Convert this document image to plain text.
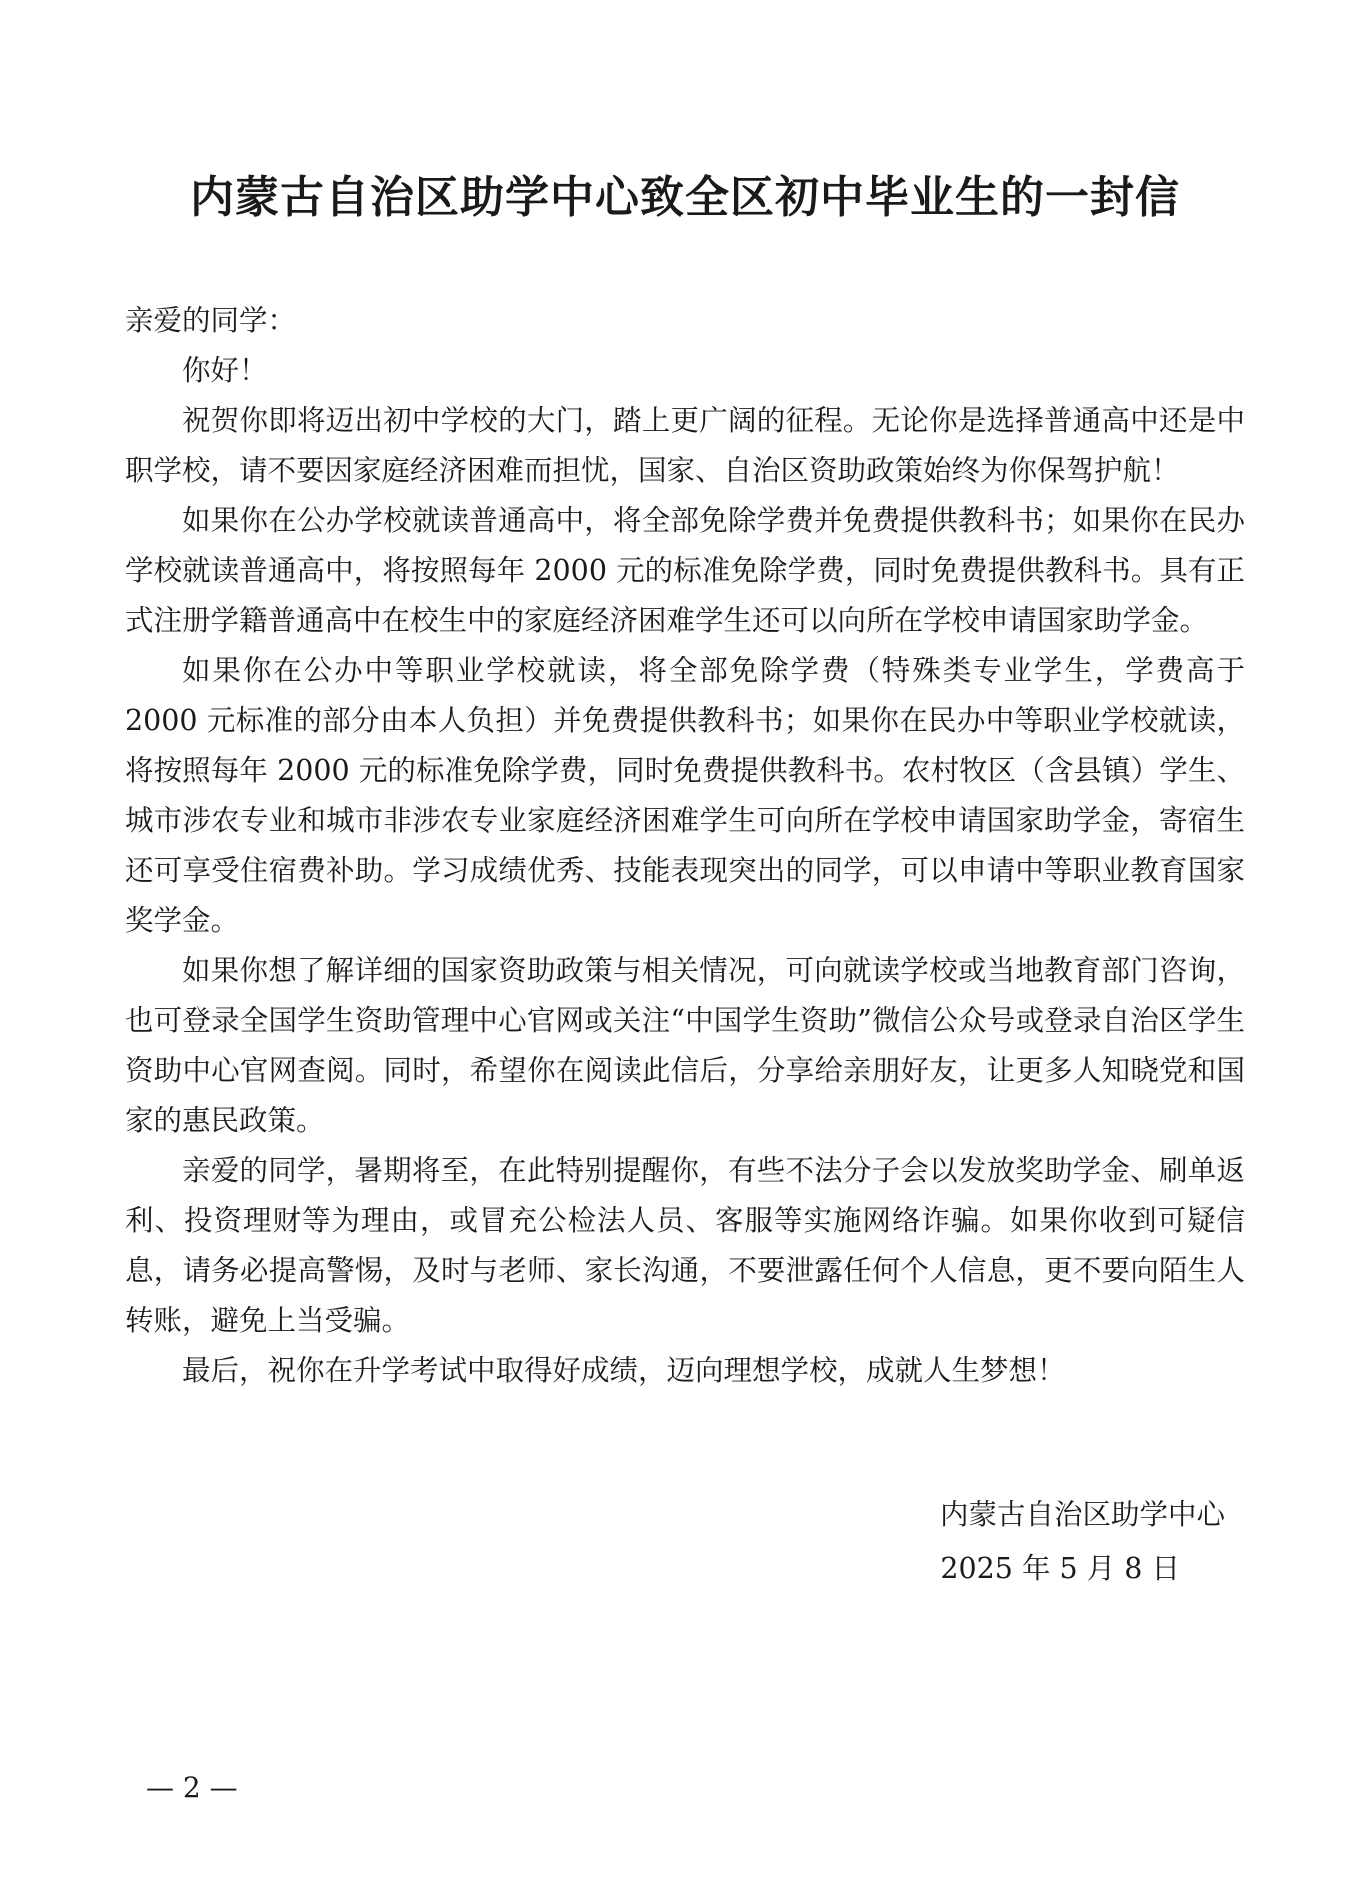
内蒙古自治区助学中心致全区初中毕业生的一封信

亲爱的同学：

你好！

祝贺你即将迈出初中学校的大门，踏上更广阔的征程。无论你是选择普通高中还是中职学校，请不要因家庭经济困难而担忧，国家、自治区资助政策始终为你保驾护航！

如果你在公办学校就读普通高中，将全部免除学费并免费提供教科书；如果你在民办学校就读普通高中，将按照每年 2000 元的标准免除学费，同时免费提供教科书。具有正式注册学籍普通高中在校生中的家庭经济困难学生还可以向所在学校申请国家助学金。

如果你在公办中等职业学校就读，将全部免除学费（特殊类专业学生，学费高于 2000 元标准的部分由本人负担）并免费提供教科书；如果你在民办中等职业学校就读，将按照每年 2000 元的标准免除学费，同时免费提供教科书。农村牧区（含县镇）学生、城市涉农专业和城市非涉农专业家庭经济困难学生可向所在学校申请国家助学金，寄宿生还可享受住宿费补助。学习成绩优秀、技能表现突出的同学，可以申请中等职业教育国家奖学金。

如果你想了解详细的国家资助政策与相关情况，可向就读学校或当地教育部门咨询，也可登录全国学生资助管理中心官网或关注“中国学生资助”微信公众号或登录自治区学生资助中心官网查阅。同时，希望你在阅读此信后，分享给亲朋好友，让更多人知晓党和国家的惠民政策。

亲爱的同学，暑期将至，在此特别提醒你，有些不法分子会以发放奖助学金、刷单返利、投资理财等为理由，或冒充公检法人员、客服等实施网络诈骗。如果你收到可疑信息，请务必提高警惕，及时与老师、家长沟通，不要泄露任何个人信息，更不要向陌生人转账，避免上当受骗。

最后，祝你在升学考试中取得好成绩，迈向理想学校，成就人生梦想！

内蒙古自治区助学中心
2025 年 5 月 8 日
— 2 —
